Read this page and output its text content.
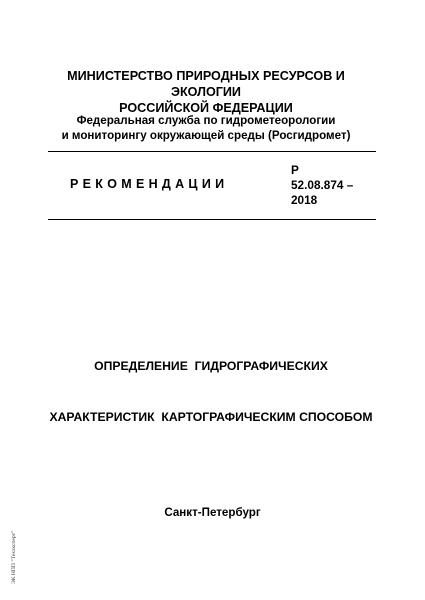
МИНИСТЕРСТВО ПРИРОДНЫХ РЕСУРСОВ И ЭКОЛОГИИ
РОССИЙСКОЙ ФЕДЕРАЦИИ
Федеральная служба по гидрометеорологии
и мониторингу окружающей среды (Росгидромет)
РЕКОМЕНДАЦИИ
Р
52.08.874 –
2018

ОПРЕДЕЛЕНИЕ  ГИДРОГРАФИЧЕСКИХ

ХАРАКТЕРИСТИК  КАРТОГРАФИЧЕСКИМ СПОСОБОМ

Санкт-Петербург
ЭК НПП "Техэксперт"
